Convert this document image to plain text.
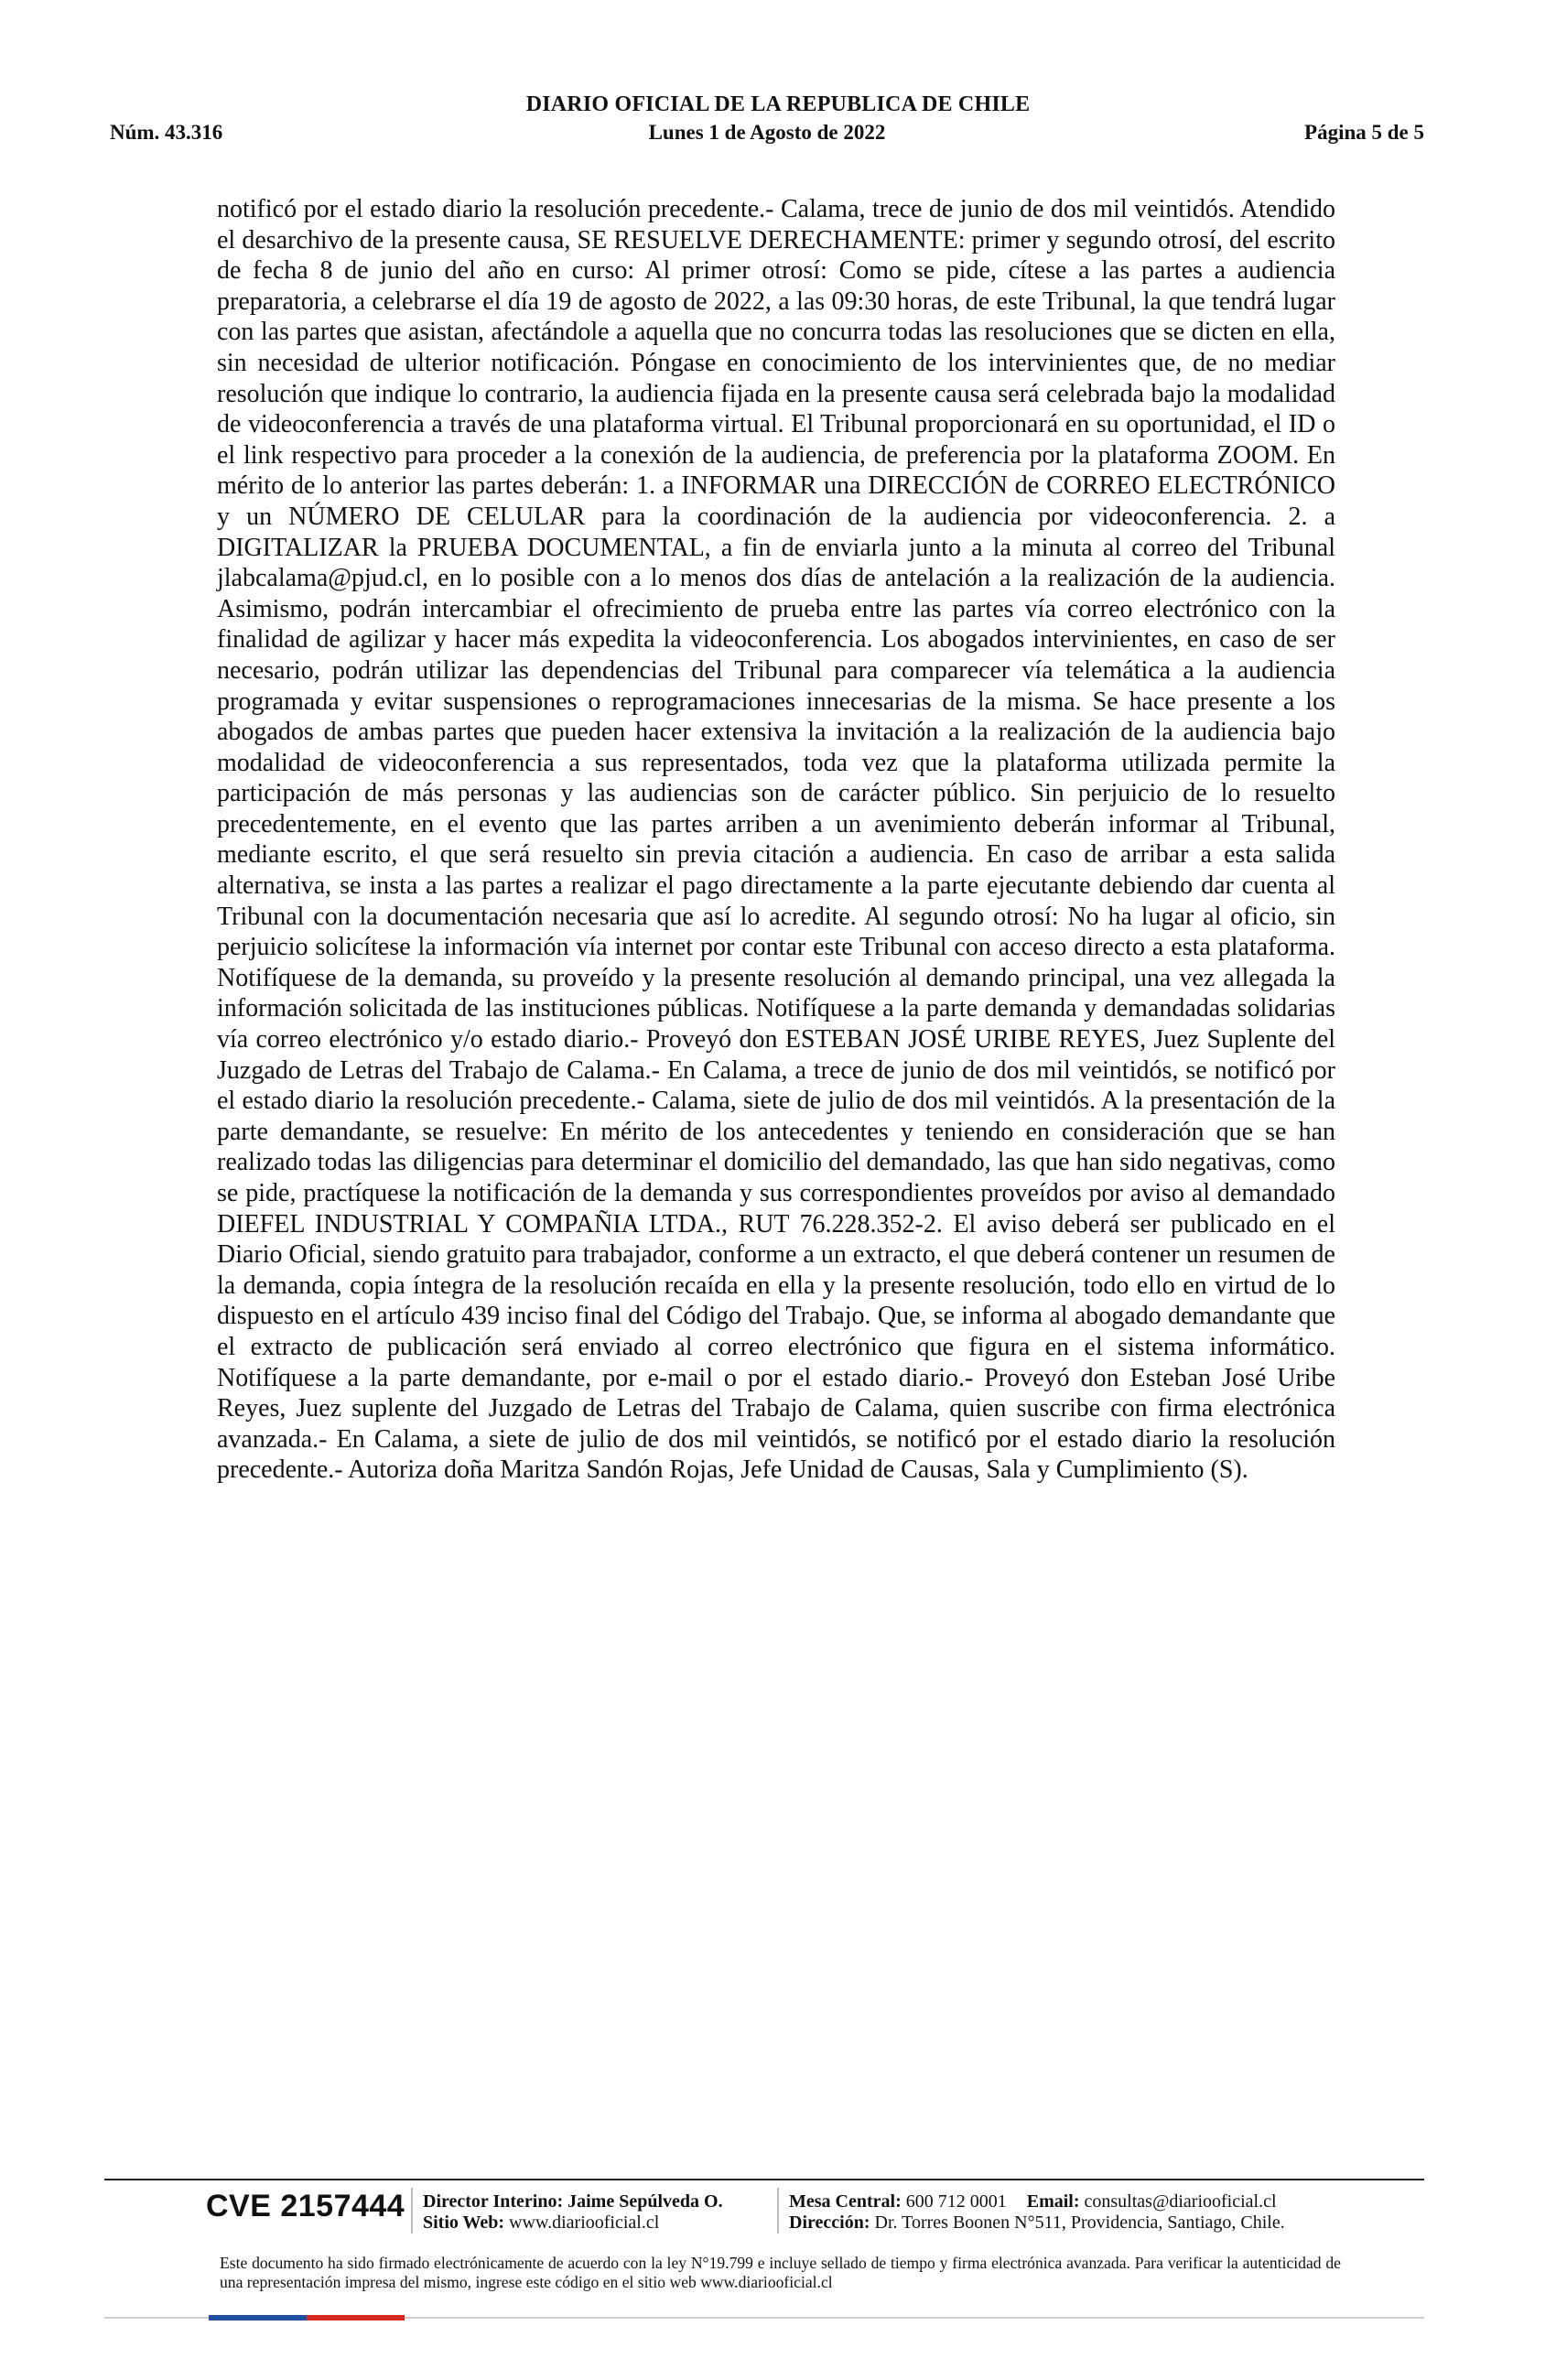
DIARIO OFICIAL DE LA REPUBLICA DE CHILE
Lunes 1 de Agosto de 2022
Núm. 43.316	Página 5 de 5
notificó por el estado diario la resolución precedente.- Calama, trece de junio de dos mil veintidós. Atendido el desarchivo de la presente causa, SE RESUELVE DERECHAMENTE: primer y segundo otrosí, del escrito de fecha 8 de junio del año en curso: Al primer otrosí: Como se pide, cítese a las partes a audiencia preparatoria, a celebrarse el día 19 de agosto de 2022, a las 09:30 horas, de este Tribunal, la que tendrá lugar con las partes que asistan, afectándole a aquella que no concurra todas las resoluciones que se dicten en ella, sin necesidad de ulterior notificación. Póngase en conocimiento de los intervinientes que, de no mediar resolución que indique lo contrario, la audiencia fijada en la presente causa será celebrada bajo la modalidad de videoconferencia a través de una plataforma virtual. El Tribunal proporcionará en su oportunidad, el ID o el link respectivo para proceder a la conexión de la audiencia, de preferencia por la plataforma ZOOM. En mérito de lo anterior las partes deberán: 1. a INFORMAR una DIRECCIÓN de CORREO ELECTRÓNICO y un NÚMERO DE CELULAR para la coordinación de la audiencia por videoconferencia. 2. a DIGITALIZAR la PRUEBA DOCUMENTAL, a fin de enviarla junto a la minuta al correo del Tribunal jlabcalama@pjud.cl, en lo posible con a lo menos dos días de antelación a la realización de la audiencia. Asimismo, podrán intercambiar el ofrecimiento de prueba entre las partes vía correo electrónico con la finalidad de agilizar y hacer más expedita la videoconferencia. Los abogados intervinientes, en caso de ser necesario, podrán utilizar las dependencias del Tribunal para comparecer vía telemática a la audiencia programada y evitar suspensiones o reprogramaciones innecesarias de la misma. Se hace presente a los abogados de ambas partes que pueden hacer extensiva la invitación a la realización de la audiencia bajo modalidad de videoconferencia a sus representados, toda vez que la plataforma utilizada permite la participación de más personas y las audiencias son de carácter público. Sin perjuicio de lo resuelto precedentemente, en el evento que las partes arriben a un avenimiento deberán informar al Tribunal, mediante escrito, el que será resuelto sin previa citación a audiencia. En caso de arribar a esta salida alternativa, se insta a las partes a realizar el pago directamente a la parte ejecutante debiendo dar cuenta al Tribunal con la documentación necesaria que así lo acredite. Al segundo otrosí: No ha lugar al oficio, sin perjuicio solicítese la información vía internet por contar este Tribunal con acceso directo a esta plataforma. Notifíquese de la demanda, su proveído y la presente resolución al demando principal, una vez allegada la información solicitada de las instituciones públicas. Notifíquese a la parte demanda y demandadas solidarias vía correo electrónico y/o estado diario.- Proveyó don ESTEBAN JOSÉ URIBE REYES, Juez Suplente del Juzgado de Letras del Trabajo de Calama.- En Calama, a trece de junio de dos mil veintidós, se notificó por el estado diario la resolución precedente.- Calama, siete de julio de dos mil veintidós. A la presentación de la parte demandante, se resuelve: En mérito de los antecedentes y teniendo en consideración que se han realizado todas las diligencias para determinar el domicilio del demandado, las que han sido negativas, como se pide, practíquese la notificación de la demanda y sus correspondientes proveídos por aviso al demandado DIEFEL INDUSTRIAL Y COMPAÑIA LTDA., RUT 76.228.352-2. El aviso deberá ser publicado en el Diario Oficial, siendo gratuito para trabajador, conforme a un extracto, el que deberá contener un resumen de la demanda, copia íntegra de la resolución recaída en ella y la presente resolución, todo ello en virtud de lo dispuesto en el artículo 439 inciso final del Código del Trabajo. Que, se informa al abogado demandante que el extracto de publicación será enviado al correo electrónico que figura en el sistema informático. Notifíquese a la parte demandante, por e-mail o por el estado diario.- Proveyó don Esteban José Uribe Reyes, Juez suplente del Juzgado de Letras del Trabajo de Calama, quien suscribe con firma electrónica avanzada.- En Calama, a siete de julio de dos mil veintidós, se notificó por el estado diario la resolución precedente.- Autoriza doña Maritza Sandón Rojas, Jefe Unidad de Causas, Sala y Cumplimiento (S).
CVE 2157444 Director Interino: Jaime Sepúlveda O.
Sitio Web: www.diariooficial.cl
Mesa Central: 600 712 0001 Email: consultas@diariooficial.cl
Dirección: Dr. Torres Boonen N°511, Providencia, Santiago, Chile.
Este documento ha sido firmado electrónicamente de acuerdo con la ley N°19.799 e incluye sellado de tiempo y firma electrónica avanzada. Para verificar la autenticidad de una representación impresa del mismo, ingrese este código en el sitio web www.diariooficial.cl
